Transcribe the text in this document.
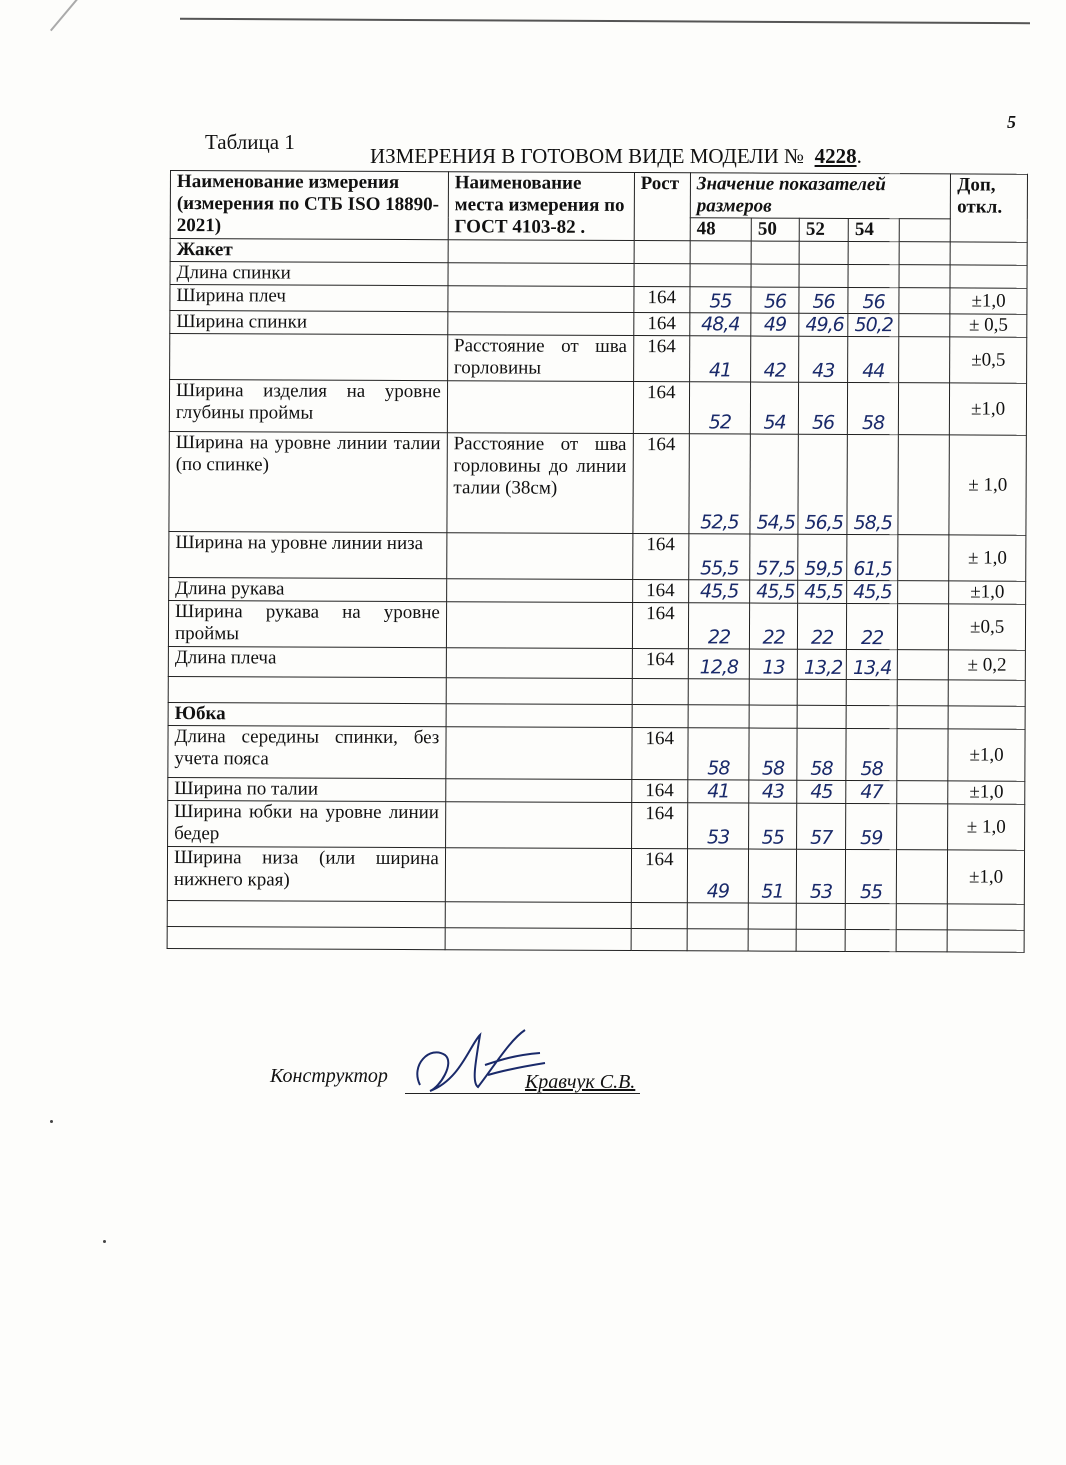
5
Таблица 1
ИЗМЕРЕНИЯ В ГОТОВОМ ВИДЕ МОДЕЛИ № 4228.
Наименование измерения (измерения по СТБ ISO 18890-2021)	Наименование места измерения по ГОСТ 4103-82 .	Рост	Значение показателей размеров					Доп, откл.
			48	50	52	54		
Жакет								
Длина спинки								
Ширина плеч		164	55	56	56	56		±1,0
Ширина спинки		164	48,4	49	49,6	50,2		± 0,5
	Расстояние от шва горловины	164	41	42	43	44		±0,5
Ширина изделия на уровне глубины проймы		164	52	54	56	58		±1,0
Ширина на уровне линии талии (по спинке)	Расстояние от шва горловины до линии талии (38см)	164	52,5	54,5	56,5	58,5		± 1,0
Ширина на уровне линии низа		164	55,5	57,5	59,5	61,5		± 1,0
Длина рукава		164	45,5	45,5	45,5	45,5		±1,0
Ширина рукава на уровне проймы		164	22	22	22	22		±0,5
Длина плеча		164	12,8	13	13,2	13,4		± 0,2

Юбка								
Длина середины спинки, без учета пояса		164	58	58	58	58		±1,0
Ширина по талии		164	41	43	45	47		±1,0
Ширина юбки на уровне линии бедер		164	53	55	57	59		± 1,0
Ширина низа (или ширина нижнего края)		164	49	51	53	55		±1,0

Конструктор	Кравчук С.В.
